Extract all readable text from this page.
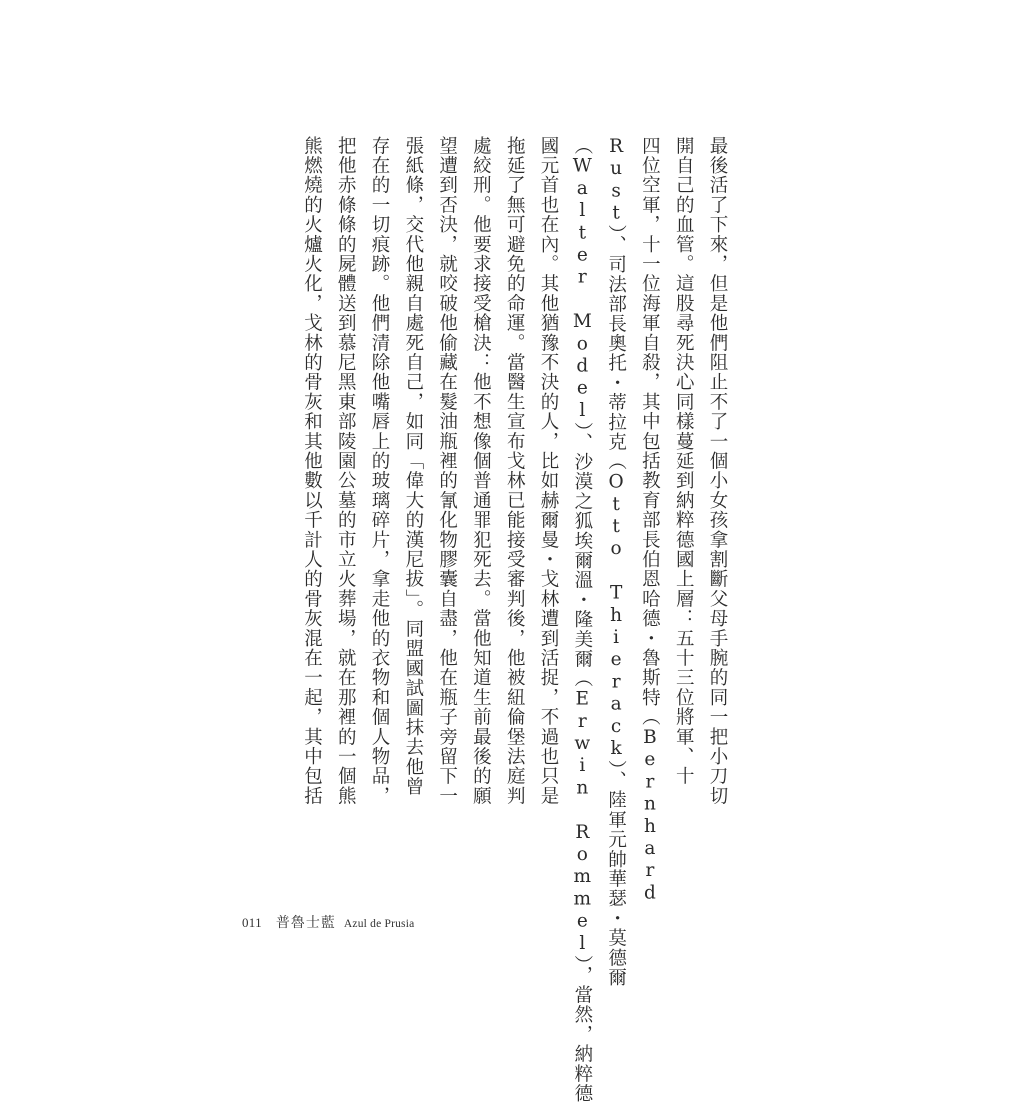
最後活了下來，但是他們阻止不了一個小女孩拿割斷父母手腕的同一把小刀切
開自己的血管。這股尋死決心同樣蔓延到納粹德國上層：五十三位將軍、十
四位空軍，十一位海軍自殺，其中包括教育部長伯恩哈德・魯斯特（Bernhard
Rust）、司法部長奧托・蒂拉克（Otto Thierack）、陸軍元帥華瑟・莫德爾
（Walter Model）、沙漠之狐埃爾溫・隆美爾（Erwin Rommel），當然，納粹德
國元首也在內。其他猶豫不決的人，比如赫爾曼・戈林遭到活捉，不過也只是
拖延了無可避免的命運。當醫生宣布戈林已能接受審判後，他被紐倫堡法庭判
處絞刑。他要求接受槍決：他不想像個普通罪犯死去。當他知道生前最後的願
望遭到否決，就咬破他偷藏在髮油瓶裡的氰化物膠囊自盡，他在瓶子旁留下一
張紙條，交代他親自處死自己，如同「偉大的漢尼拔」。同盟國試圖抹去他曾
存在的一切痕跡。他們清除他嘴唇上的玻璃碎片，拿走他的衣物和個人物品，
把他赤條條的屍體送到慕尼黑東部陵園公墓的市立火葬場，就在那裡的一個熊
熊燃燒的火爐火化，戈林的骨灰和其他數以千計人的骨灰混在一起，其中包括
011 普魯士藍 Azul de Prusia
